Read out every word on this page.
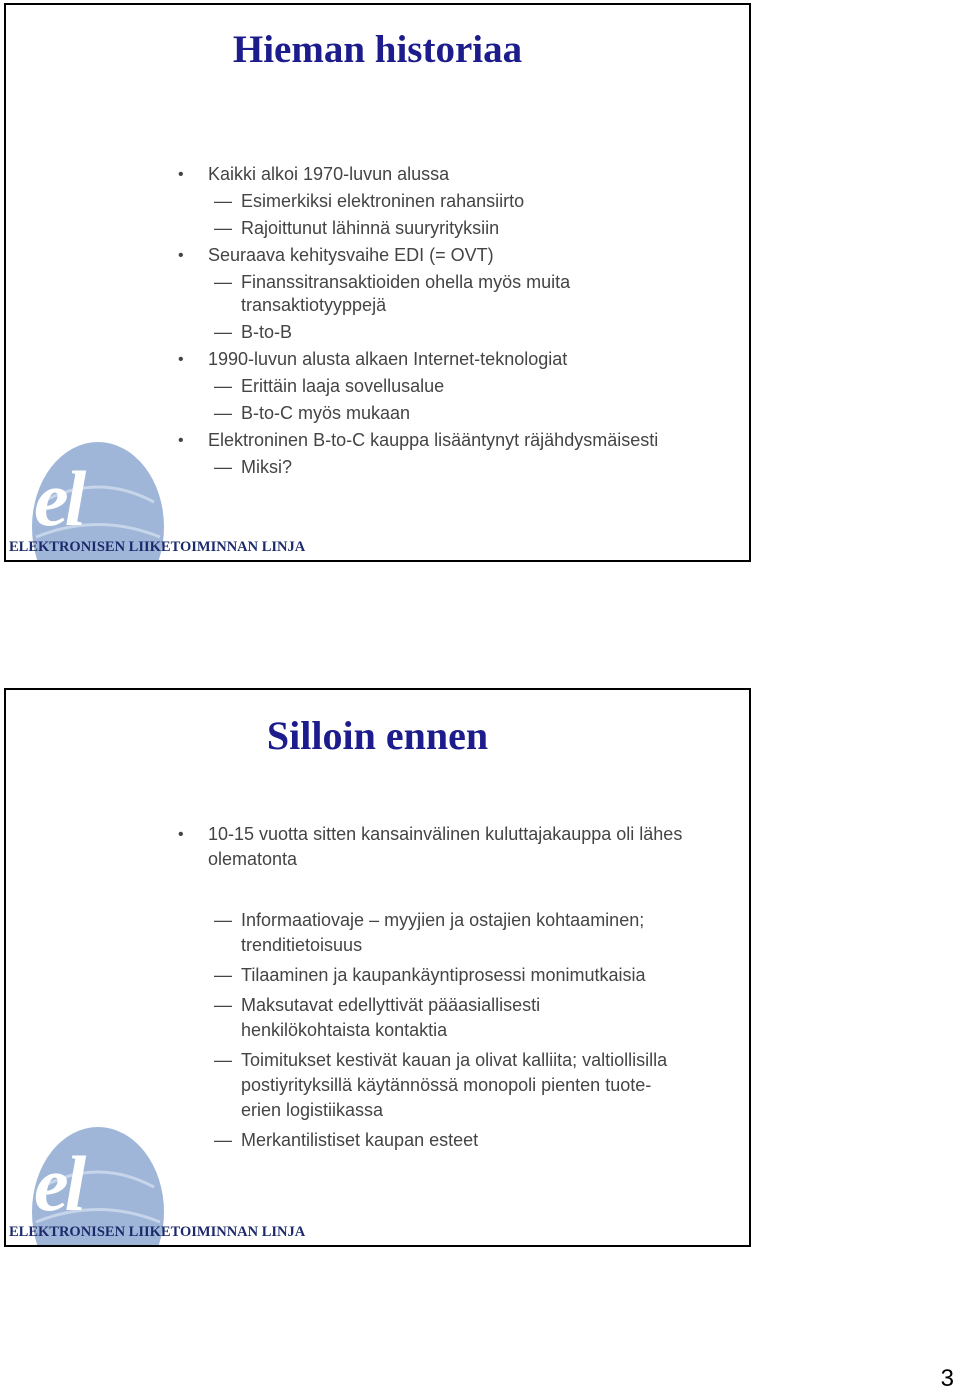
Hieman historiaa
• Kaikki alkoi 1970-luvun alussa
— Esimerkiksi elektroninen rahansiirto
— Rajoittunut lähinnä suuryrityksiin
• Seuraava kehitysvaihe EDI (= OVT)
— Finanssitransaktioiden ohella myös muita transaktiotyyppejä
— B-to-B
• 1990-luvun alusta alkaen Internet-teknologiat
— Erittäin laaja sovellusalue
— B-to-C myös mukaan
• Elektroninen B-to-C kauppa lisääntynyt räjähdysmäisesti
— Miksi?
el
ELEKTRONISEN LIIKETOIMINNAN LINJA
Silloin ennen
• 10-15 vuotta sitten kansainvälinen kuluttajakauppa oli lähes olematonta
— Informaatiovaje – myyjien ja ostajien kohtaaminen; trenditietoisuus
— Tilaaminen ja kaupankäyntiprosessi monimutkaisia
— Maksutavat edellyttivät pääasiallisesti henkilökohtaista kontaktia
— Toimitukset kestivät kauan ja olivat kalliita; valtiollisilla postiyrityksillä käytännössä monopoli pienten tuote-erien logistiikassa
— Merkantilistiset kaupan esteet
el
ELEKTRONISEN LIIKETOIMINNAN LINJA
3
